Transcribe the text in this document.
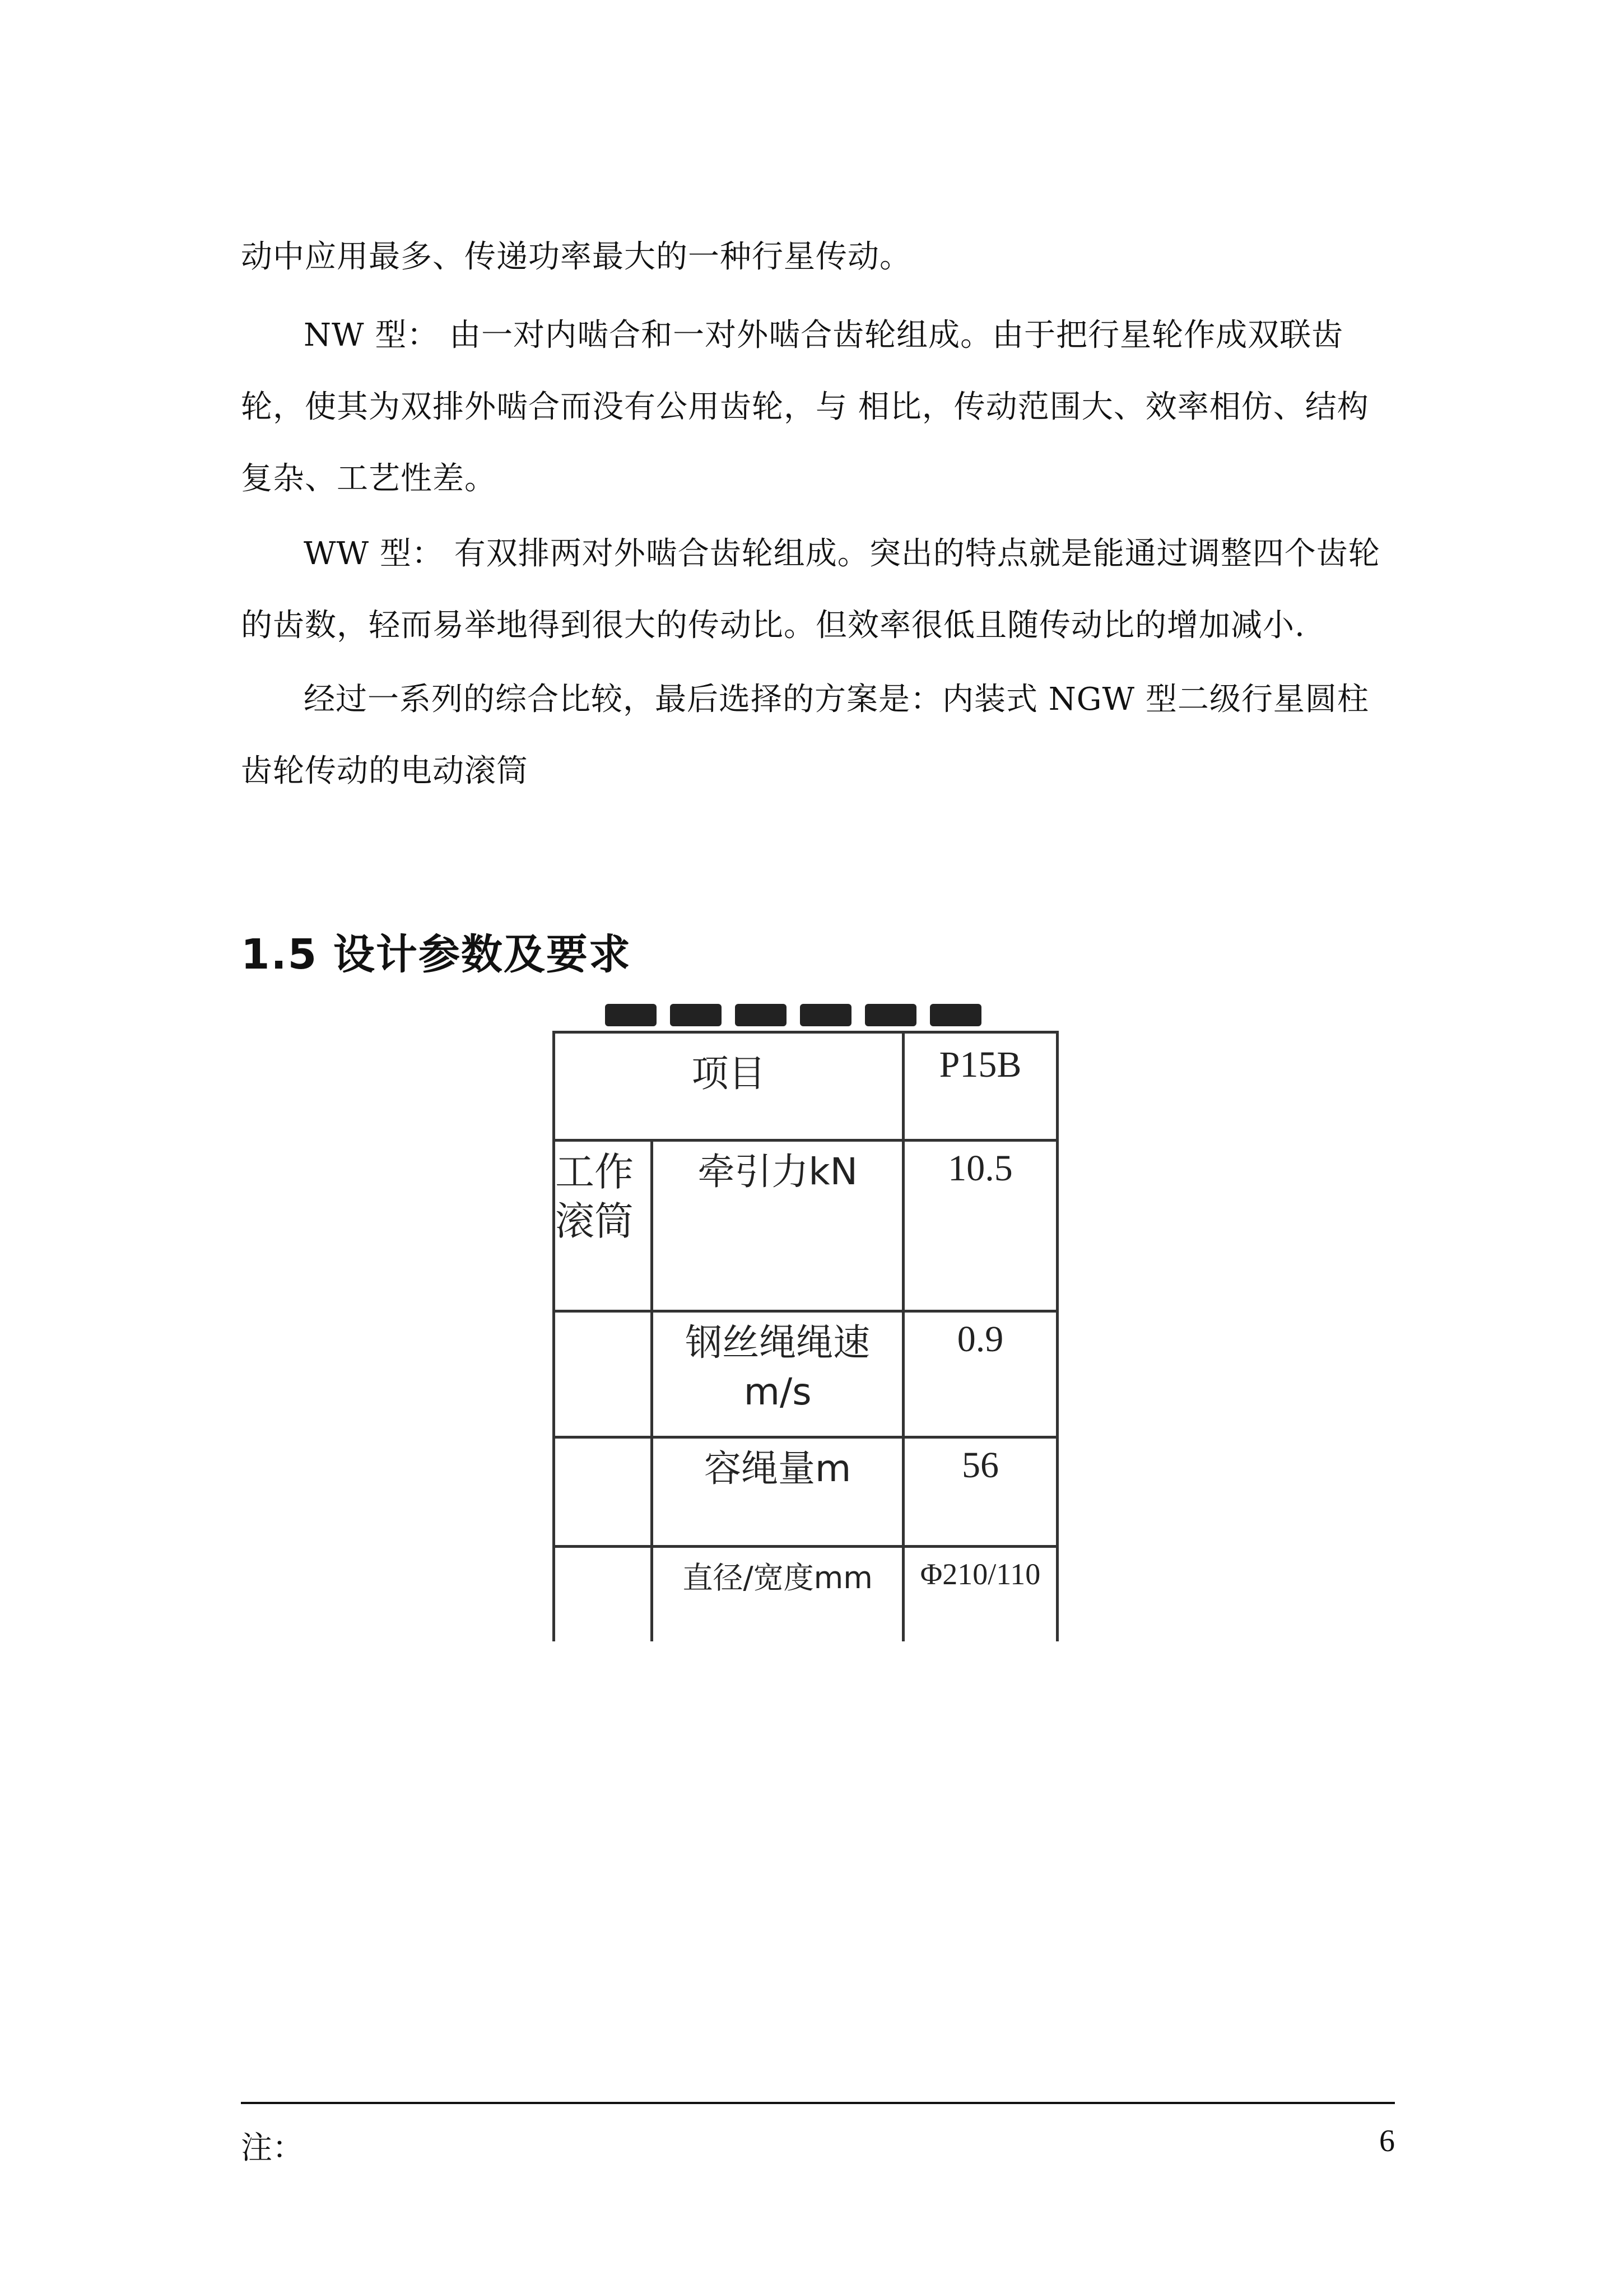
动中应用最多、传递功率最大的一种行星传动。

NW 型： 由一对内啮合和一对外啮合齿轮组成。由于把行星轮作成双联齿轮，使其为双排外啮合而没有公用齿轮，与 相比，传动范围大、效率相仿、结构复杂、工艺性差。

WW 型： 有双排两对外啮合齿轮组成。突出的特点就是能通过调整四个齿轮的齿数，轻而易举地得到很大的传动比。但效率很低且随传动比的增加减小.

经过一系列的综合比较，最后选择的方案是：内装式 NGW 型二级行星圆柱齿轮传动的电动滚筒

1.5 设计参数及要求
项目		P15B
工作滚筒	牵引力kN	10.5
	钢丝绳绳速m/s	0.9
	容绳量m	56
	直径/宽度mm	Φ210/110

注：	6
